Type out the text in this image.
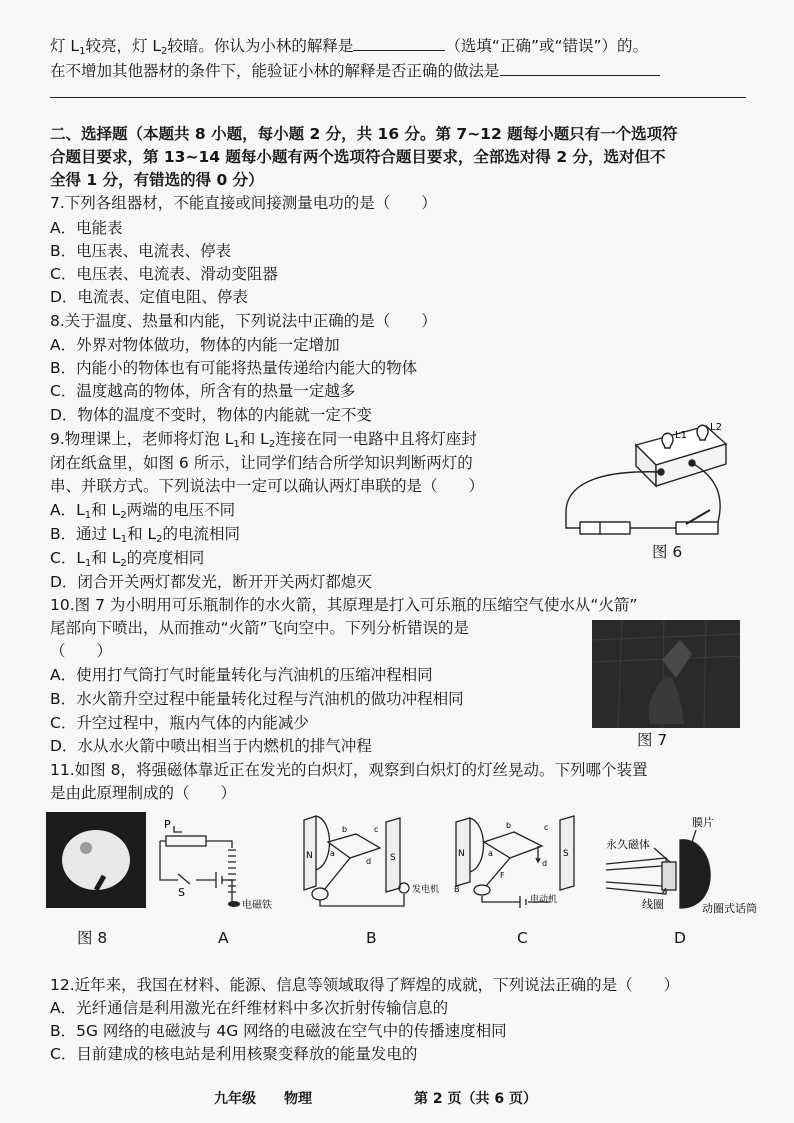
灯 $L_1$较亮，灯 $L_2$较暗。你认为小林的解释是	（选填“正确”或“错误”）的。
在不增加其他器材的条件下，能验证小林的解释是否正确的做法是
二、选择题（本题共 8 小题，每小题 2 分，共 16 分。第 7~12 题每小题只有一个选项符
合题目要求，第 13~14 题每小题有两个选项符合题目要求，全部选对得 2 分，选对但不
全得 1 分，有错选的得 0 分）
7.下列各组器材，不能直接或间接测量电功的是（　　）
A．电能表
B．电压表、电流表、停表
C．电压表、电流表、滑动变阻器
D．电流表、定值电阻、停表
8.关于温度、热量和内能，下列说法中正确的是（　　）
A．外界对物体做功，物体的内能一定增加
B．内能小的物体也有可能将热量传递给内能大的物体
C．温度越高的物体，所含有的热量一定越多
D．物体的温度不变时，物体的内能就一定不变
9.物理课上，老师将灯泡 $L_1$和 $L_2$连接在同一电路中且将灯座封
闭在纸盒里，如图 6 所示，让同学们结合所学知识判断两灯的
串、并联方式。下列说法中一定可以确认两灯串联的是（　　）
A．$L_1$和 $L_2$两端的电压不同
B．通过 $L_1$和 $L_2$的电流相同
C．$L_1$和 $L_2$的亮度相同
D．闭合开关两灯都发光，断开开关两灯都熄灭
L1
L2
图 6
10.图 7 为小明用可乐瓶制作的水火箭，其原理是打入可乐瓶的压缩空气使水从“火箭”
尾部向下喷出，从而推动“火箭”飞向空中。下列分析错误的是
（　　）
A．使用打气筒打气时能量转化与汽油机的压缩冲程相同
B．水火箭升空过程中能量转化过程与汽油机的做功冲程相同
C．升空过程中，瓶内气体的内能减少
D．水从水火箭中喷出相当于内燃机的排气冲程	图 7
11.如图 8，将强磁体靠近正在发光的白炽灯，观察到白炽灯的灯丝晃动。下列哪个装置
是由此原理制成的（　　）
P
S
电磁铁
N	S
a
b	c
d
发电机
N	S
a
b	c
d
F
B
电动机
膜片
永久磁体
线圈	动圈式话筒
图 8	A	B	C	D
12.近年来，我国在材料、能源、信息等领域取得了辉煌的成就，下列说法正确的是（　　）
A．光纤通信是利用激光在纤维材料中多次折射传输信息的
B．5G 网络的电磁波与 4G 网络的电磁波在空气中的传播速度相同
C．目前建成的核电站是利用核聚变释放的能量发电的
九年级 物理	第 2 页（共 6 页）
